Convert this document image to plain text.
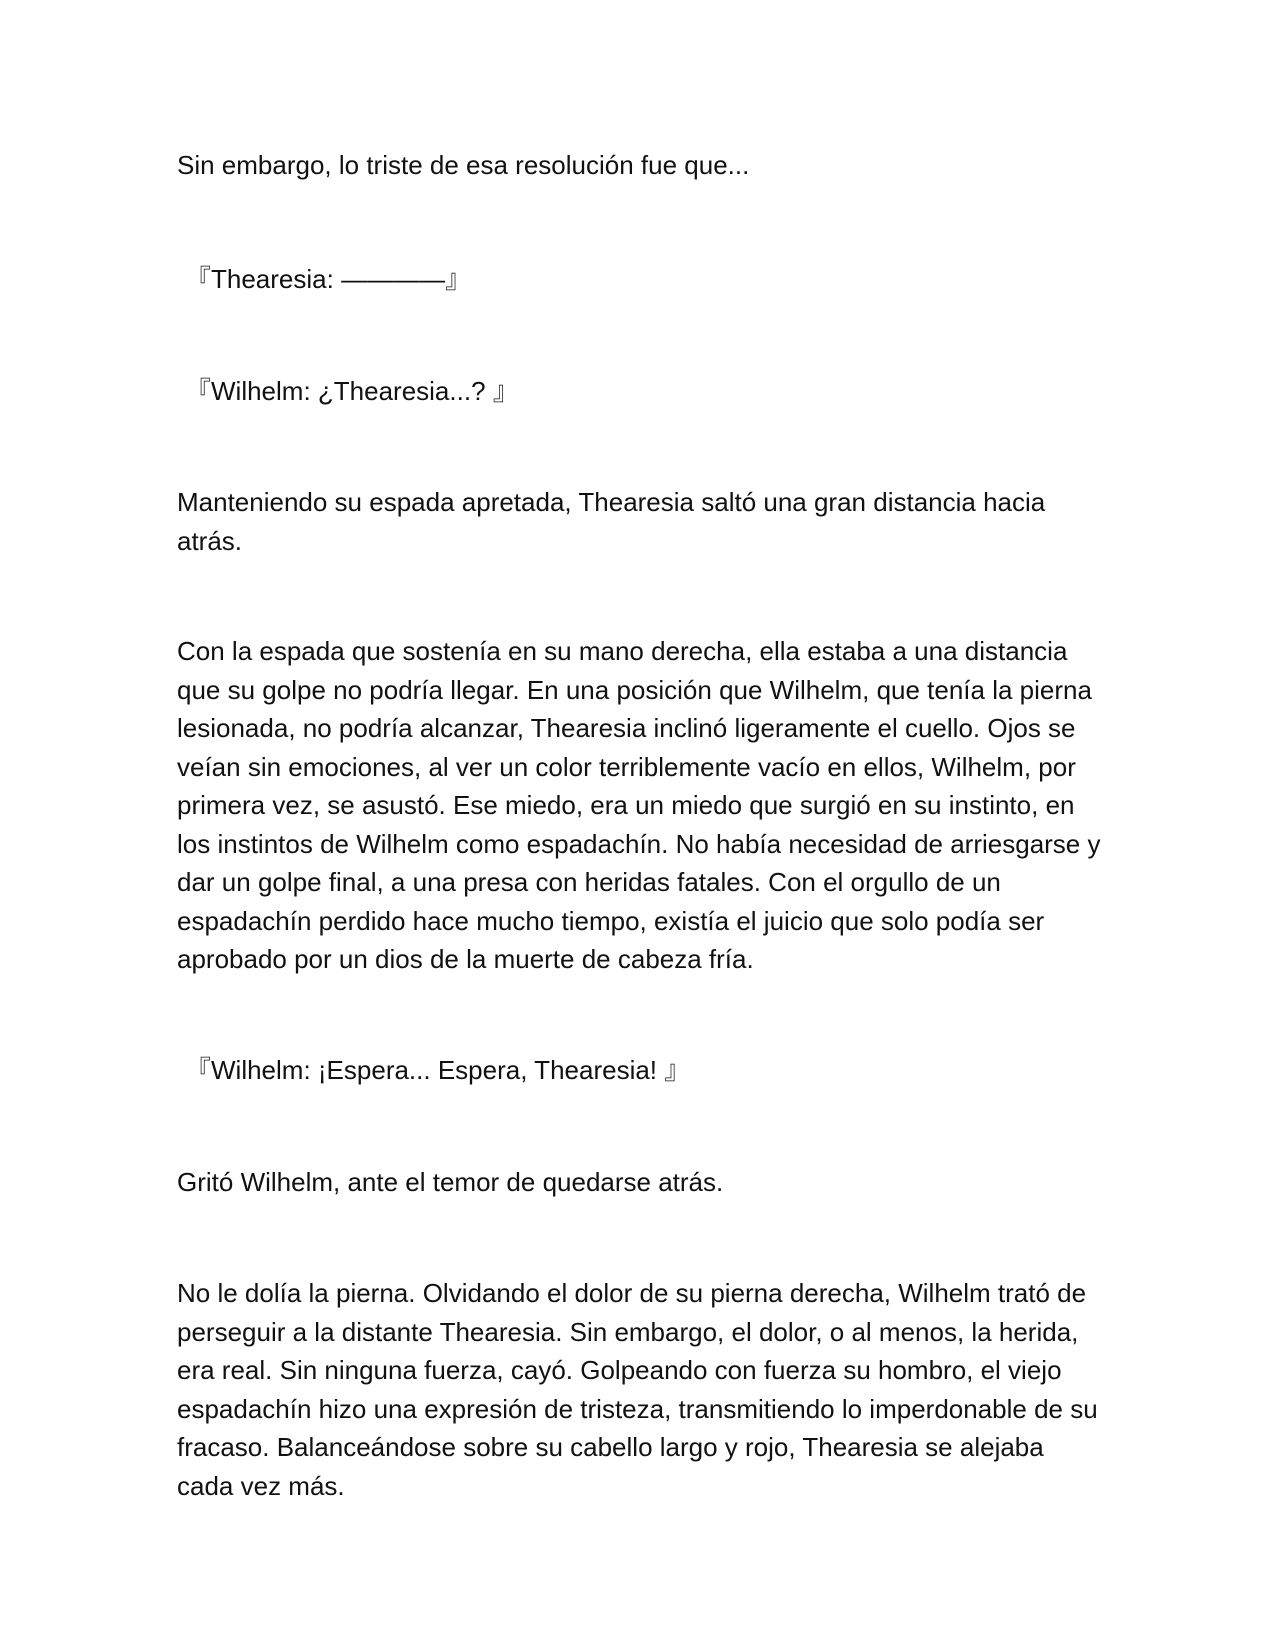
Sin embargo, lo triste de esa resolución fue que...

『Thearesia: ————』

『Wilhelm: ¿Thearesia...? 』

Manteniendo su espada apretada, Thearesia saltó una gran distancia hacia atrás.

Con la espada que sostenía en su mano derecha, ella estaba a una distancia que su golpe no podría llegar. En una posición que Wilhelm, que tenía la pierna lesionada, no podría alcanzar, Thearesia inclinó ligeramente el cuello. Ojos se veían sin emociones, al ver un color terriblemente vacío en ellos, Wilhelm, por primera vez, se asustó. Ese miedo, era un miedo que surgió en su instinto, en los instintos de Wilhelm como espadachín. No había necesidad de arriesgarse y dar un golpe final, a una presa con heridas fatales. Con el orgullo de un espadachín perdido hace mucho tiempo, existía el juicio que solo podía ser aprobado por un dios de la muerte de cabeza fría.

『Wilhelm: ¡Espera... Espera, Thearesia! 』

Gritó Wilhelm, ante el temor de quedarse atrás.

No le dolía la pierna. Olvidando el dolor de su pierna derecha, Wilhelm trató de perseguir a la distante Thearesia. Sin embargo, el dolor, o al menos, la herida, era real. Sin ninguna fuerza, cayó. Golpeando con fuerza su hombro, el viejo espadachín hizo una expresión de tristeza, transmitiendo lo imperdonable de su fracaso. Balanceándose sobre su cabello largo y rojo, Thearesia se alejaba cada vez más.
